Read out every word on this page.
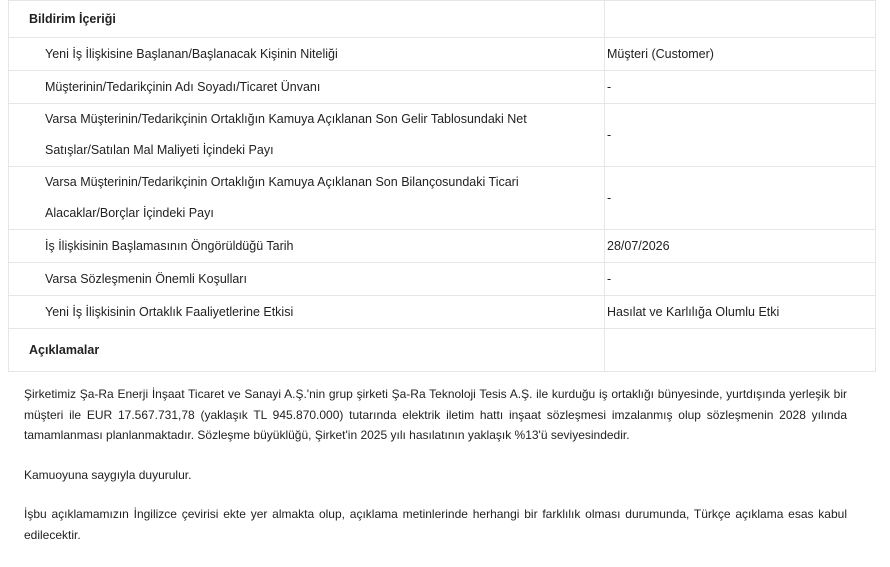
Bildirim İçeriği	
Yeni İş İlişkisine Başlanan/Başlanacak Kişinin Niteliği	Müşteri (Customer)
Müşterinin/Tedarikçinin Adı Soyadı/Ticaret Ünvanı	-

Varsa Müşterinin/Tedarikçinin Ortaklığın Kamuya Açıklanan Son Gelir Tablosundaki Net
Satışlar/Satılan Mal Maliyeti İçindeki Payı	-

Varsa Müşterinin/Tedarikçinin Ortaklığın Kamuya Açıklanan Son Bilançosundaki Ticari
Alacaklar/Borçlar İçindeki Payı	-
İş İlişkisinin Başlamasının Öngörüldüğü Tarih	28/07/2026
Varsa Sözleşmenin Önemli Koşulları	-
Yeni İş İlişkisinin Ortaklık Faaliyetlerine Etkisi	Hasılat ve Karlılığa Olumlu Etki
Açıklamalar	

Şirketimiz Şa-Ra Enerji İnşaat Ticaret ve Sanayi A.Ş.'nin grup şirketi Şa-Ra Teknoloji Tesis A.Ş. ile kurduğu iş ortaklığı bünyesinde, yurtdışında yerleşik bir müşteri ile EUR 17.567.731,78 (yaklaşık TL 945.870.000) tutarında elektrik iletim hattı inşaat sözleşmesi imzalanmış olup sözleşmenin 2028 yılında tamamlanması planlanmaktadır. Sözleşme büyüklüğü, Şirket'in 2025 yılı hasılatının yaklaşık %13'ü seviyesindedir.

Kamuoyuna saygıyla duyurulur.

İşbu açıklamamızın İngilizce çevirisi ekte yer almakta olup, açıklama metinlerinde herhangi bir farklılık olması durumunda, Türkçe açıklama esas kabul edilecektir.
